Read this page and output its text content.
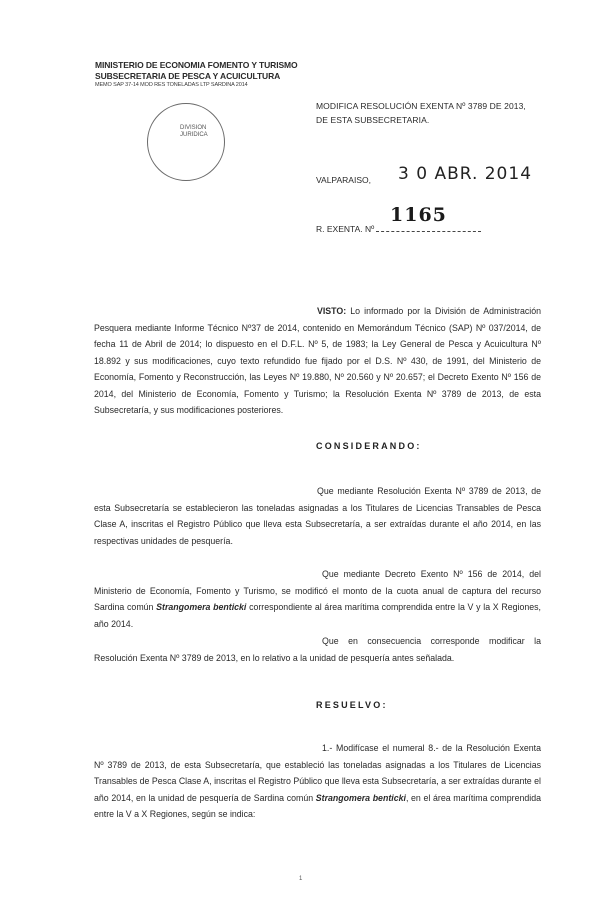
MINISTERIO DE ECONOMIA FOMENTO Y TURISMO
SUBSECRETARIA DE PESCA Y ACUICULTURA
MEMO SAP 37-14 MOD RES TONELADAS LTP SARDINA 2014
DIVISION
JURIDICA
MODIFICA RESOLUCIÓN EXENTA Nº 3789 DE 2013,
DE ESTA SUBSECRETARIA.
VALPARAISO, 3 0 ABR. 2014
1165
R. EXENTA. Nº
VISTO: Lo informado por la División de Administración Pesquera mediante Informe Técnico Nº37 de 2014, contenido en Memorándum Técnico (SAP) Nº 037/2014, de fecha 11 de Abril de 2014; lo dispuesto en el D.F.L. Nº 5, de 1983; la Ley General de Pesca y Acuicultura Nº 18.892 y sus modificaciones, cuyo texto refundido fue fijado por el D.S. Nº 430, de 1991, del Ministerio de Economía, Fomento y Reconstrucción, las Leyes Nº 19.880, Nº 20.560 y Nº 20.657; el Decreto Exento Nº 156 de 2014, del Ministerio de Economía, Fomento y Turismo; la Resolución Exenta Nº 3789 de 2013, de esta Subsecretaría, y sus modificaciones posteriores.
CONSIDERANDO:
Que mediante Resolución Exenta Nº 3789 de 2013, de esta Subsecretaría se establecieron las toneladas asignadas a los Titulares de Licencias Transables de Pesca Clase A, inscritas el Registro Público que lleva esta Subsecretaría, a ser extraídas durante el año 2014, en las respectivas unidades de pesquería.
Que mediante Decreto Exento Nº 156 de 2014, del Ministerio de Economía, Fomento y Turismo, se modificó el monto de la cuota anual de captura del recurso Sardina común Strangomera benticki correspondiente al área marítima comprendida entre la V y la X Regiones, año 2014.
Que en consecuencia corresponde modificar la Resolución Exenta Nº 3789 de 2013, en lo relativo a la unidad de pesquería antes señalada.
RESUELVO:
1.- Modifícase el numeral 8.- de la Resolución Exenta Nº 3789 de 2013, de esta Subsecretaría, que estableció las toneladas asignadas a los Titulares de Licencias Transables de Pesca Clase A, inscritas el Registro Público que lleva esta Subsecretaría, a ser extraídas durante el año 2014, en la unidad de pesquería de Sardina común Strangomera benticki, en el área marítima comprendida entre la V a X Regiones, según se indica:
1
